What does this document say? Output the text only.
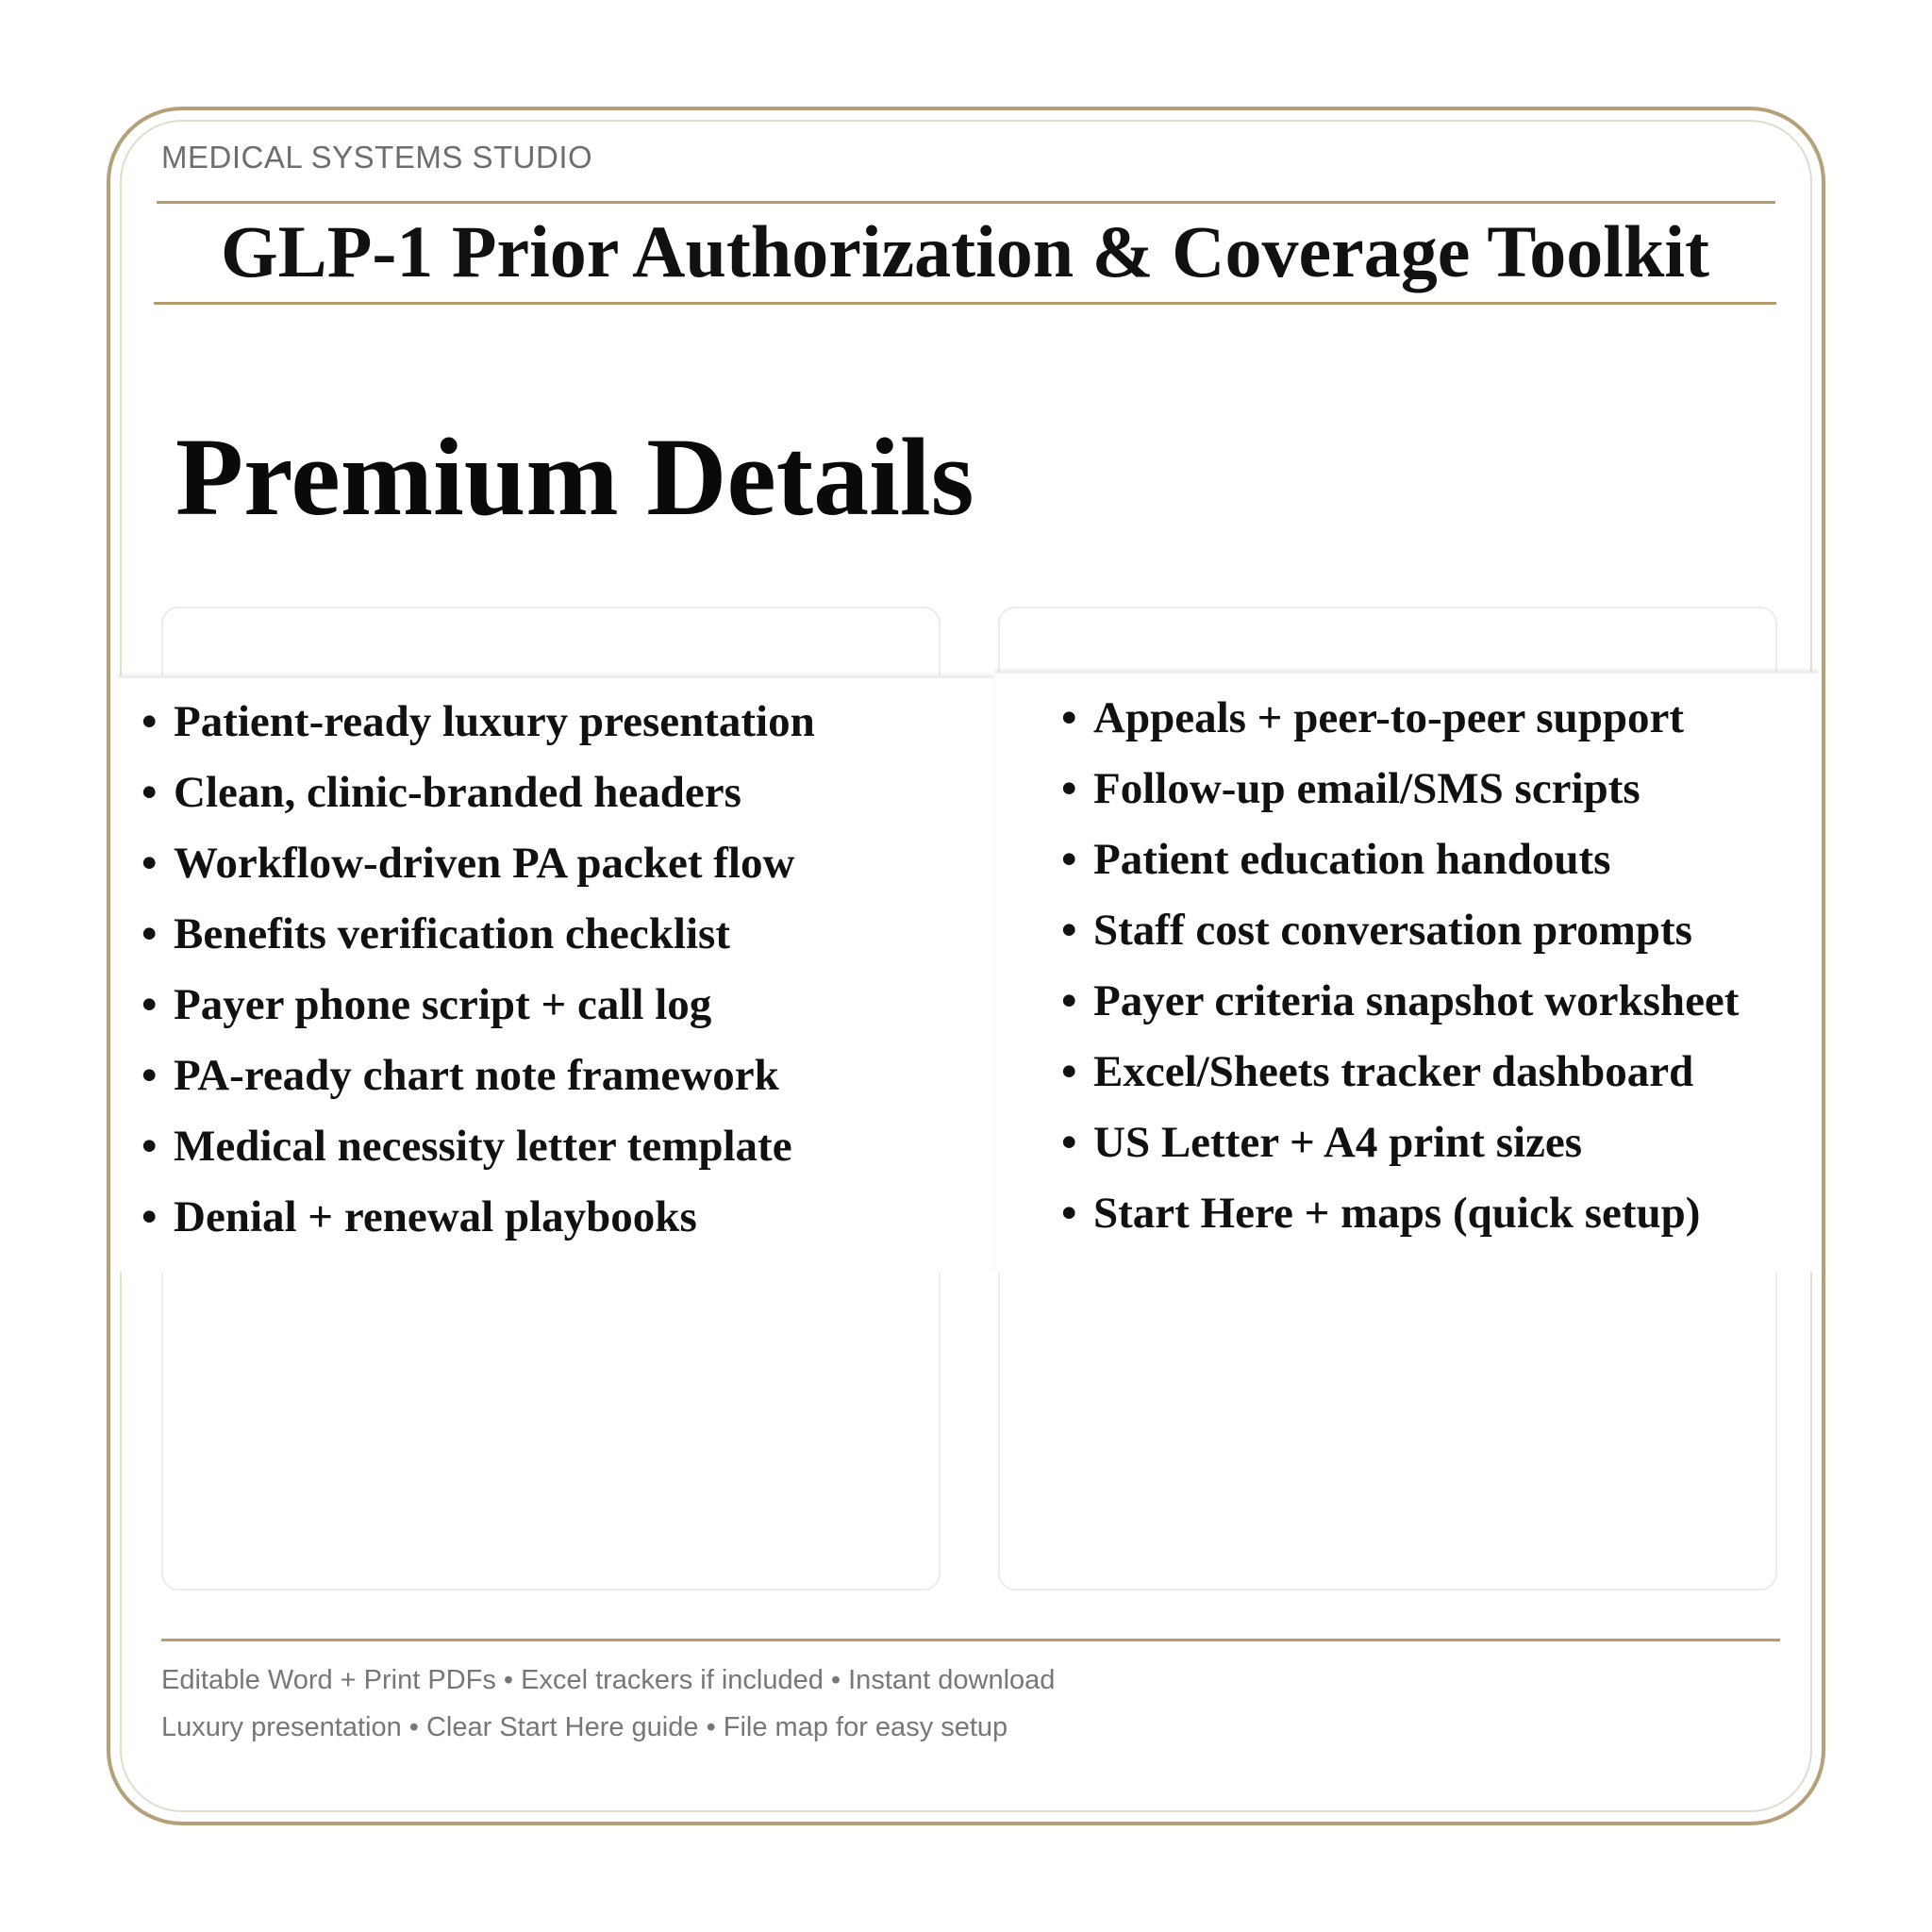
MEDICAL SYSTEMS STUDIO
GLP-1 Prior Authorization & Coverage Toolkit
Premium Details
• Patient-ready luxury presentation
• Clean, clinic-branded headers
• Workflow-driven PA packet flow
• Benefits verification checklist
• Payer phone script + call log
• PA-ready chart note framework
• Medical necessity letter template
• Denial + renewal playbooks
• Appeals + peer-to-peer support
• Follow-up email/SMS scripts
• Patient education handouts
• Staff cost conversation prompts
• Payer criteria snapshot worksheet
• Excel/Sheets tracker dashboard
• US Letter + A4 print sizes
• Start Here + maps (quick setup)
Editable Word + Print PDFs • Excel trackers if included • Instant download
Luxury presentation • Clear Start Here guide • File map for easy setup
